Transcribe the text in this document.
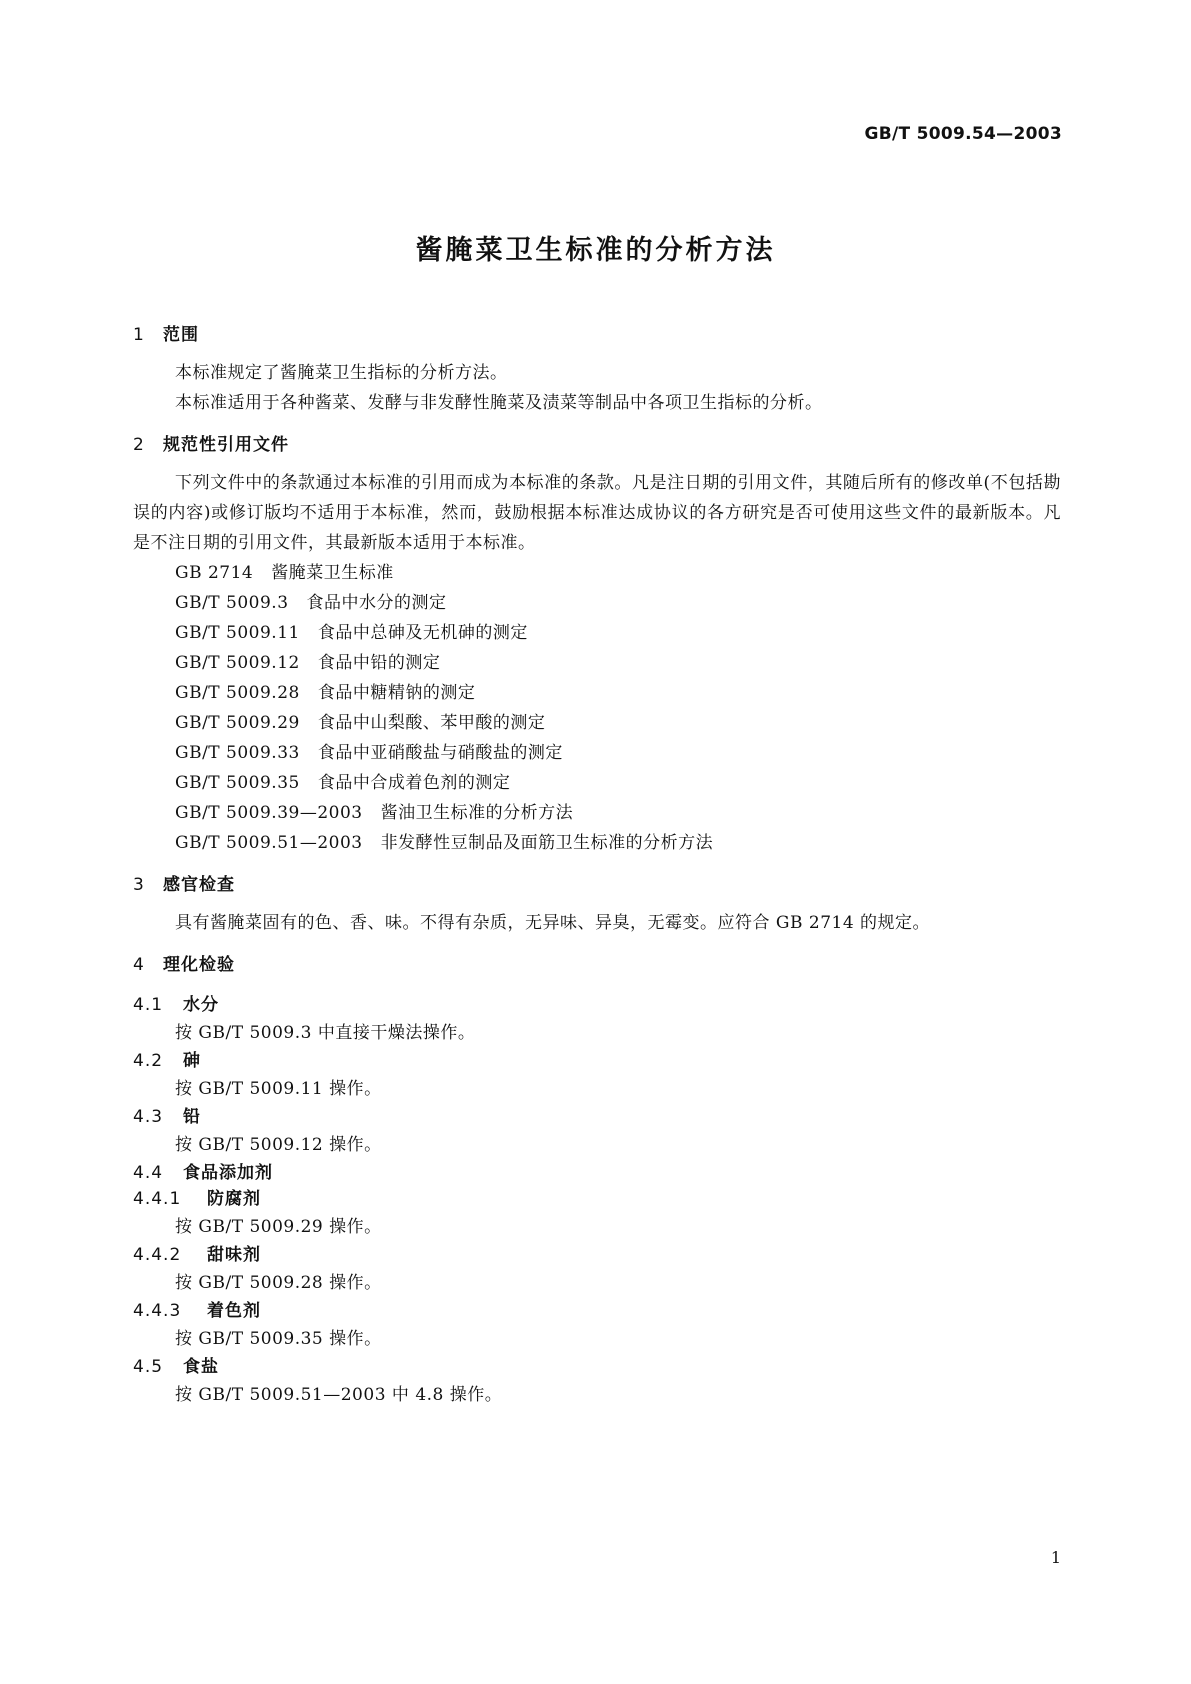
GB/T 5009.54—2003
酱腌菜卫生标准的分析方法
1 范围
本标准规定了酱腌菜卫生指标的分析方法。
本标准适用于各种酱菜、发酵与非发酵性腌菜及渍菜等制品中各项卫生指标的分析。
2 规范性引用文件
下列文件中的条款通过本标准的引用而成为本标准的条款。凡是注日期的引用文件，其随后所有的修改单(不包括勘误的内容)或修订版均不适用于本标准，然而，鼓励根据本标准达成协议的各方研究是否可使用这些文件的最新版本。凡是不注日期的引用文件，其最新版本适用于本标准。
GB 2714 酱腌菜卫生标准
GB/T 5009.3 食品中水分的测定
GB/T 5009.11 食品中总砷及无机砷的测定
GB/T 5009.12 食品中铅的测定
GB/T 5009.28 食品中糖精钠的测定
GB/T 5009.29 食品中山梨酸、苯甲酸的测定
GB/T 5009.33 食品中亚硝酸盐与硝酸盐的测定
GB/T 5009.35 食品中合成着色剂的测定
GB/T 5009.39—2003 酱油卫生标准的分析方法
GB/T 5009.51—2003 非发酵性豆制品及面筋卫生标准的分析方法
3 感官检查
具有酱腌菜固有的色、香、味。不得有杂质，无异味、异臭，无霉变。应符合 GB 2714 的规定。
4 理化检验
4.1 水分
按 GB/T 5009.3 中直接干燥法操作。
4.2 砷
按 GB/T 5009.11 操作。
4.3 铅
按 GB/T 5009.12 操作。
4.4 食品添加剂
4.4.1 防腐剂
按 GB/T 5009.29 操作。
4.4.2 甜味剂
按 GB/T 5009.28 操作。
4.4.3 着色剂
按 GB/T 5009.35 操作。
4.5 食盐
按 GB/T 5009.51—2003 中 4.8 操作。
1
